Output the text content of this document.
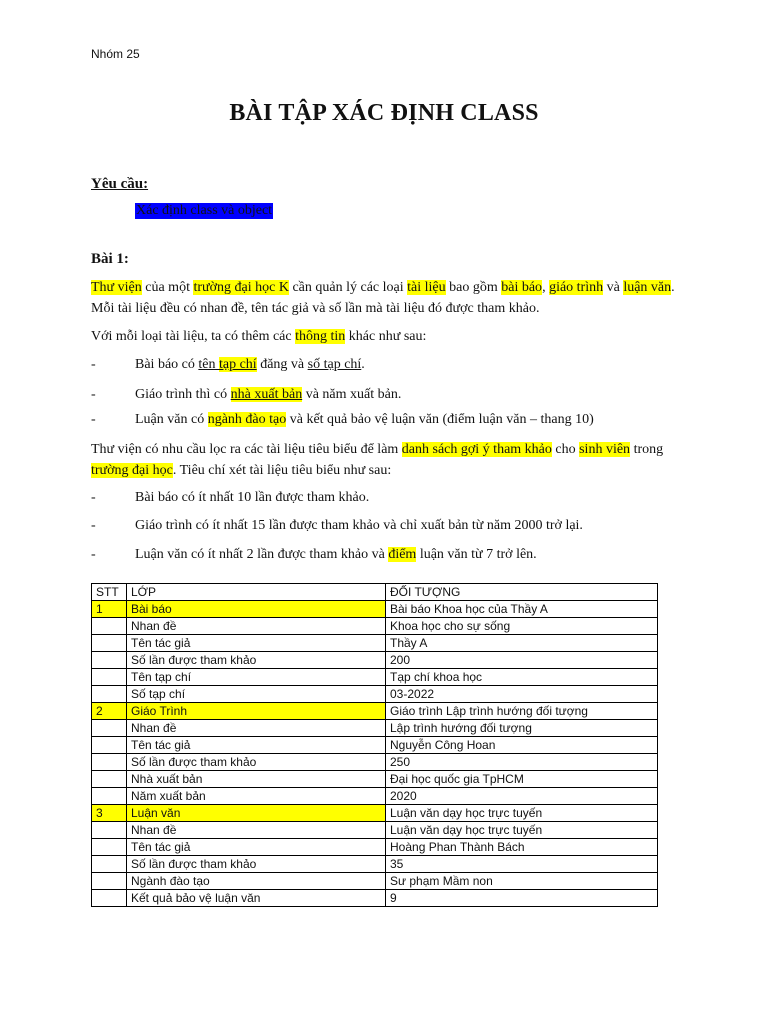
Nhóm 25
BÀI TẬP XÁC ĐỊNH CLASS
Yêu cầu:
Xác định class và object
Bài 1:
Thư viện của một trường đại học K cần quản lý các loại tài liệu bao gồm bài báo, giáo trình và luận văn. Mỗi tài liệu đều có nhan đề, tên tác giả và số lần mà tài liệu đó được tham khảo.
Với mỗi loại tài liệu, ta có thêm các thông tin khác như sau:
-	Bài báo có tên tạp chí đăng và số tạp chí.
-	Giáo trình thì có nhà xuất bản và năm xuất bản.
-	Luận văn có ngành đào tạo và kết quả bảo vệ luận văn (điểm luận văn – thang 10)
Thư viện có nhu cầu lọc ra các tài liệu tiêu biểu để làm danh sách gợi ý tham khảo cho sinh viên trong trường đại học. Tiêu chí xét tài liệu tiêu biểu như sau:
-	Bài báo có ít nhất 10 lần được tham khảo.
-	Giáo trình có ít nhất 15 lần được tham khảo và chỉ xuất bản từ năm 2000 trở lại.
-	Luận văn có ít nhất 2 lần được tham khảo và điểm luận văn từ 7 trở lên.
STT	LỚP	ĐỐI TƯỢNG
1	Bài báo	Bài báo Khoa học của Thầy A
	Nhan đề	Khoa học cho sự sống
	Tên tác giả	Thầy A
	Số lần được tham khảo	200
	Tên tạp chí	Tạp chí khoa học
	Số tạp chí	03-2022
2	Giáo Trình	Giáo trình Lập trình hướng đối tượng
	Nhan đề	Lập trình hướng đối tượng
	Tên tác giả	Nguyễn Công Hoan
	Số lần được tham khảo	250
	Nhà xuất bản	Đại học quốc gia TpHCM
	Năm xuất bản	2020
3	Luận văn	Luận văn dạy học trực tuyến
	Nhan đề	Luận văn dạy học trực tuyến
	Tên tác giả	Hoàng Phan Thành Bách
	Số lần được tham khảo	35
	Ngành đào tạo	Sư phạm Mầm non
	Kết quả bảo vệ luận văn	9
